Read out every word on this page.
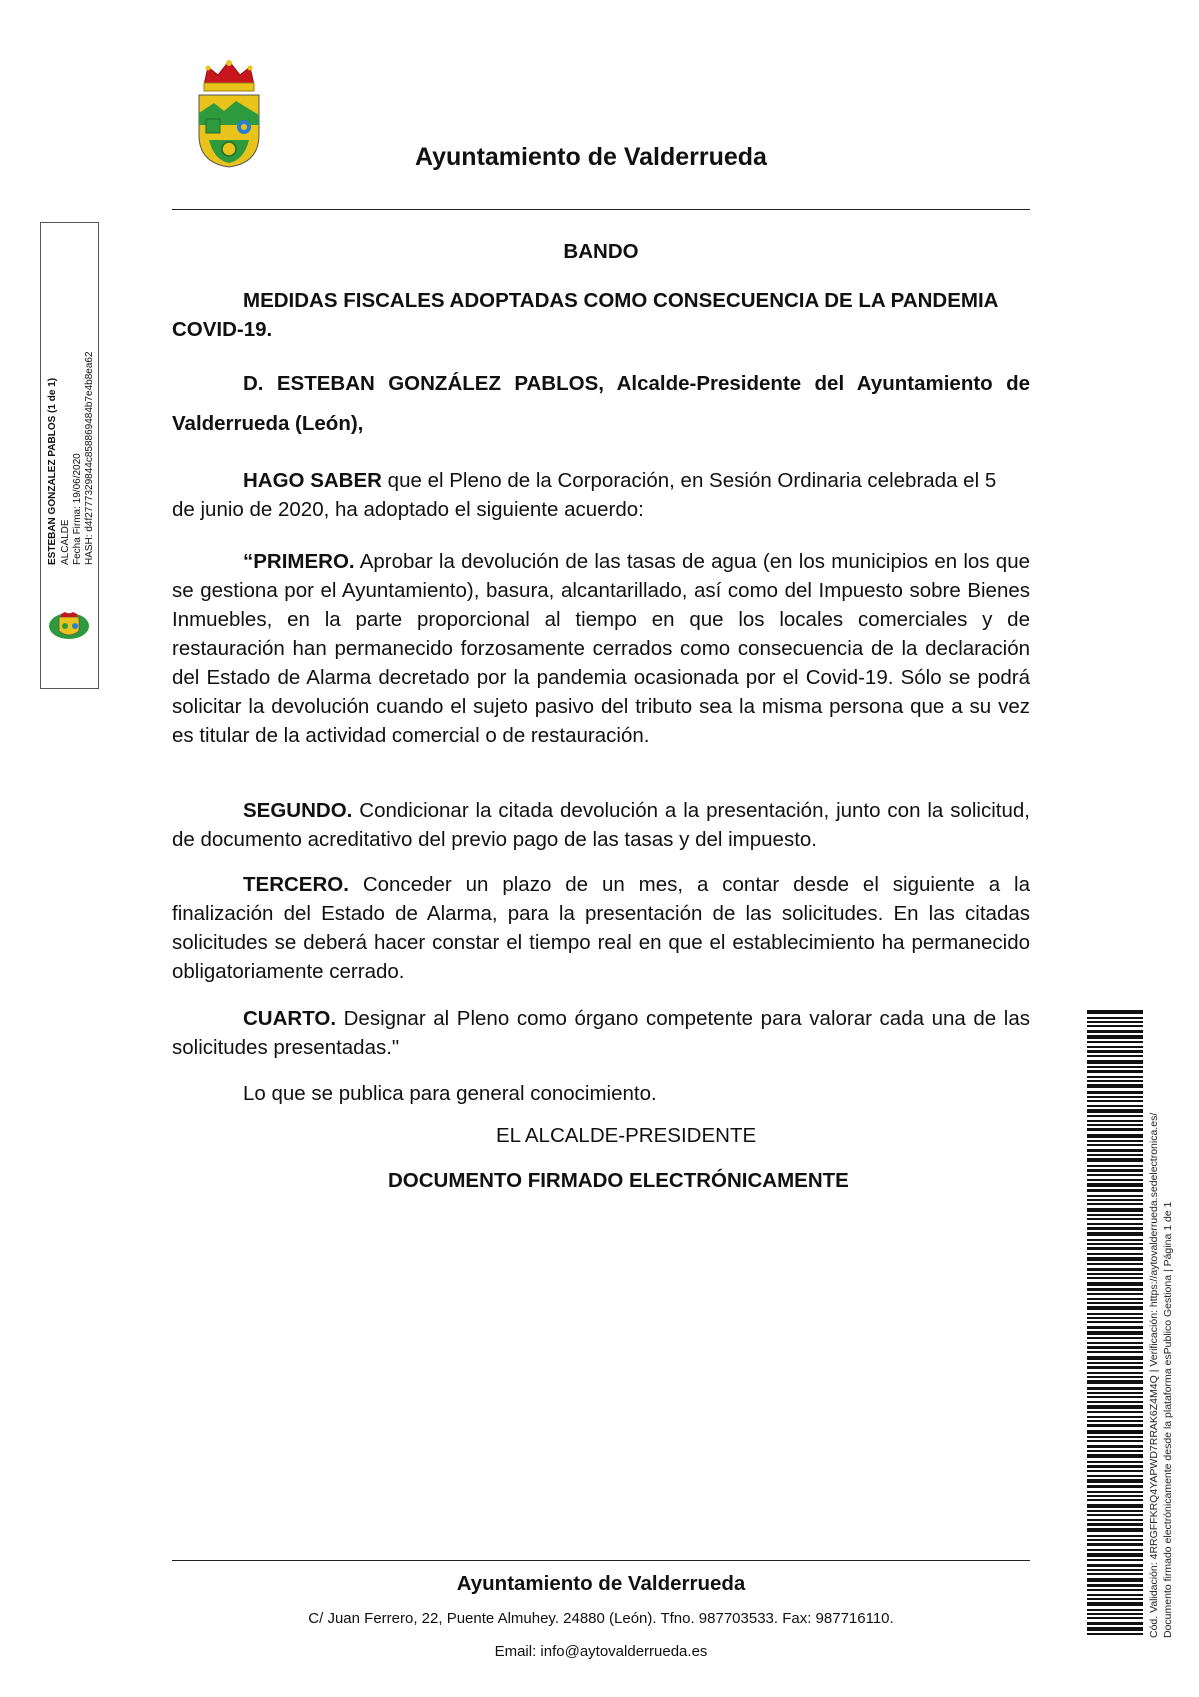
Ayuntamiento de Valderrueda
BANDO
MEDIDAS FISCALES ADOPTADAS COMO CONSECUENCIA DE LA PANDEMIA COVID-19.
D. ESTEBAN GONZÁLEZ PABLOS, Alcalde-Presidente del Ayuntamiento de Valderrueda (León),
HAGO SABER que el Pleno de la Corporación, en Sesión Ordinaria celebrada el 5 de junio de 2020, ha adoptado el siguiente acuerdo:
“PRIMERO. Aprobar la devolución de las tasas de agua (en los municipios en los que se gestiona por el Ayuntamiento), basura, alcantarillado, así como del Impuesto sobre Bienes Inmuebles, en la parte proporcional al tiempo en que los locales comerciales y de restauración han permanecido forzosamente cerrados como consecuencia de la declaración del Estado de Alarma decretado por la pandemia ocasionada por el Covid-19. Sólo se podrá solicitar la devolución cuando el sujeto pasivo del tributo sea la misma persona que a su vez es titular de la actividad comercial o de restauración.
SEGUNDO. Condicionar la citada devolución a la presentación, junto con la solicitud, de documento acreditativo del previo pago de las tasas y del impuesto.
TERCERO. Conceder un plazo de un mes, a contar desde el siguiente a la finalización del Estado de Alarma, para la presentación de las solicitudes. En las citadas solicitudes se deberá hacer constar el tiempo real en que el establecimiento ha permanecido obligatoriamente cerrado.
CUARTO. Designar al Pleno como órgano competente para valorar cada una de las solicitudes presentadas."
Lo que se publica para general conocimiento.
EL ALCALDE-PRESIDENTE
DOCUMENTO FIRMADO ELECTRÓNICAMENTE
Ayuntamiento de Valderrueda
C/ Juan Ferrero, 22, Puente Almuhey. 24880 (León). Tfno. 987703533. Fax: 987716110.
Email: info@aytovalderrueda.es
ESTEBAN GONZALEZ PABLOS (1 de 1) ALCALDE Fecha Firma: 19/06/2020 HASH: d4f2777329844c858869484b7e4b8ea62
Cód. Validación: 4RRGFFKRQ4YAPWD7RRAK6Z4M4Q | Verificación: https://aytovalderrueda.sedelectronica.es/ Documento firmado electrónicamente desde la plataforma esPublico Gestiona | Página 1 de 1
